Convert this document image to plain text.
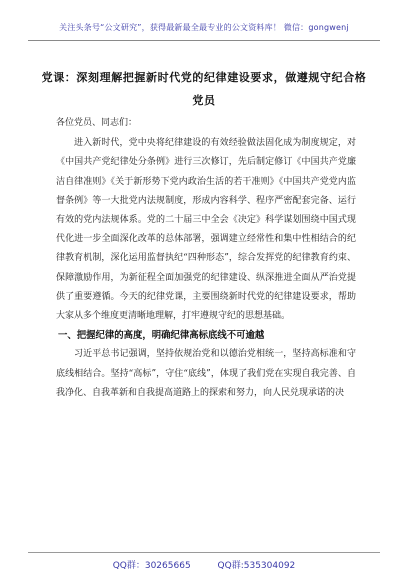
关注头条号“公文研究”，获得最新最全最专业的公文资料库！ 微信：gongwenj
党课：深刻理解把握新时代党的纪律建设要求，做遵规守纪合格党员

各位党员、同志们：

进入新时代，党中央将纪律建设的有效经验做法固化成为制度规定，对《中国共产党纪律处分条例》进行三次修订，先后制定修订《中国共产党廉洁自律准则》《关于新形势下党内政治生活的若干准则》《中国共产党党内监督条例》等一大批党内法规制度，形成内容科学、程序严密配套完备、运行有效的党内法规体系。党的二十届三中全会《决定》科学谋划围绕中国式现代化进一步全面深化改革的总体部署，强调建立经常性和集中性相结合的纪律教育机制，深化运用监督执纪“四种形态”，综合发挥党的纪律教育约束、保障激励作用，为新征程全面加强党的纪律建设、纵深推进全面从严治党提供了重要遵循。今天的纪律党课，主要围绕新时代党的纪律建设要求，帮助大家从多个维度更清晰地理解，打牢遵规守纪的思想基础。

一、把握纪律的高度，明确纪律高标底线不可逾越

习近平总书记强调，坚持依规治党和以德治党相统一，坚持高标准和守底线相结合。坚持“高标”，守住“底线”，体现了我们党在实现自我完善、自我净化、自我革新和自我提高道路上的探索和努力，向人民兑现承诺的决

QQ群：30265665	QQ群:535304092
